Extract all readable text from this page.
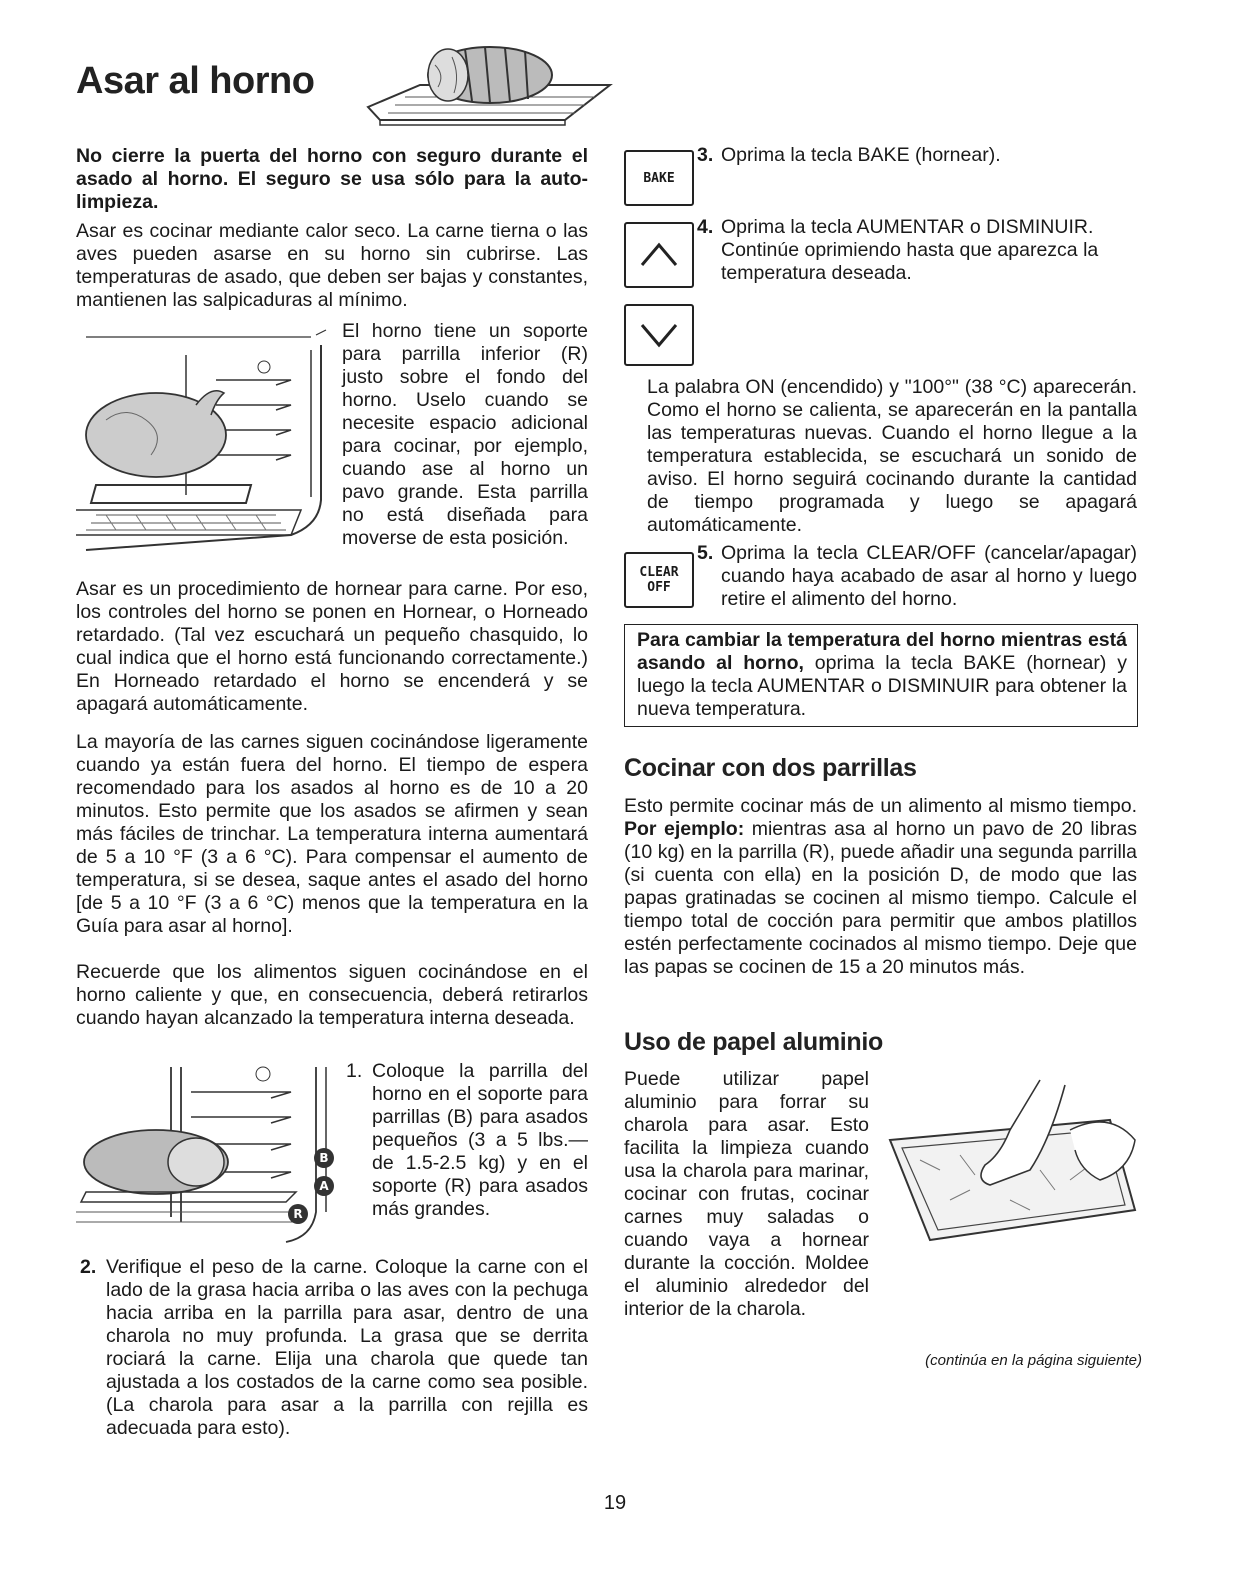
Asar al horno

No cierre la puerta del horno con seguro durante el asado al horno. El seguro se usa sólo para la auto-limpieza.

Asar es cocinar mediante calor seco. La carne tierna o las aves pueden asarse en su horno sin cubrirse. Las temperaturas de asado, que deben ser bajas y constantes, mantienen las salpicaduras al mínimo.

El horno tiene un soporte para parrilla inferior (R) justo sobre el fondo del horno. Uselo cuando se necesite espacio adicional para cocinar, por ejemplo, cuando ase al horno un pavo grande. Esta parrilla no está diseñada para moverse de esta posición.

Asar es un procedimiento de hornear para carne. Por eso, los controles del horno se ponen en Hornear, o Horneado retardado. (Tal vez escuchará un pequeño chasquido, lo cual indica que el horno está funcionando correctamente.) En Horneado retardado el horno se encenderá y se apagará automáticamente.

La mayoría de las carnes siguen cocinándose ligeramente cuando ya están fuera del horno. El tiempo de espera recomendado para los asados al horno es de 10 a 20 minutos. Esto permite que los asados se afirmen y sean más fáciles de trinchar. La temperatura interna aumentará de 5 a 10 °F (3 a 6 °C). Para compensar el aumento de temperatura, si se desea, saque antes el asado del horno [de 5 a 10 °F (3 a 6 °C) menos que la temperatura en la Guía para asar al horno].

Recuerde que los alimentos siguen cocinándose en el horno caliente y que, en consecuencia, deberá retirarlos cuando hayan alcanzado la temperatura interna deseada.

B
A
R
1. Coloque la parrilla del horno en el soporte para parrillas (B) para asados pequeños (3 a 5 lbs.—de 1.5-2.5 kg) y en el soporte (R) para asados más grandes.
2. Verifique el peso de la carne. Coloque la carne con el lado de la grasa hacia arriba o las aves con la pechuga hacia arriba en la parrilla para asar, dentro de una charola no muy profunda. La grasa que se derrita rociará la carne. Elija una charola que quede tan ajustada a los costados de la carne como sea posible. (La charola para asar a la parrilla con rejilla es adecuada para esto).
BAKE
3. Oprima la tecla BAKE (hornear).
4. Oprima la tecla AUMENTAR o DISMINUIR. Continúe oprimiendo hasta que aparezca la temperatura deseada.

La palabra ON (encendido) y "100°" (38 °C) aparecerán. Como el horno se calienta, se aparecerán en la pantalla las temperaturas nuevas. Cuando el horno llegue a la temperatura establecida, se escuchará un sonido de aviso. El horno seguirá cocinando durante la cantidad de tiempo programada y luego se apagará automáticamente.

CLEAR
OFF
5. Oprima la tecla CLEAR/OFF (cancelar/apagar) cuando haya acabado de asar al horno y luego retire el alimento del horno.
Para cambiar la temperatura del horno mientras está asando al horno, oprima la tecla BAKE (hornear) y luego la tecla AUMENTAR o DISMINUIR para obtener la nueva temperatura.
Cocinar con dos parrillas

Esto permite cocinar más de un alimento al mismo tiempo. Por ejemplo: mientras asa al horno un pavo de 20 libras (10 kg) en la parrilla (R), puede añadir una segunda parrilla (si cuenta con ella) en la posición D, de modo que las papas gratinadas se cocinen al mismo tiempo. Calcule el tiempo total de cocción para permitir que ambos platillos estén perfectamente cocinados al mismo tiempo. Deje que las papas se cocinen de 15 a 20 minutos más.

Uso de papel aluminio

Puede utilizar papel aluminio para forrar su charola para asar. Esto facilita la limpieza cuando usa la charola para marinar, cocinar con frutas, cocinar carnes muy saladas o cuando vaya a hornear durante la cocción. Moldee el aluminio alrededor del interior de la charola.

(continúa en la página siguiente)
19
